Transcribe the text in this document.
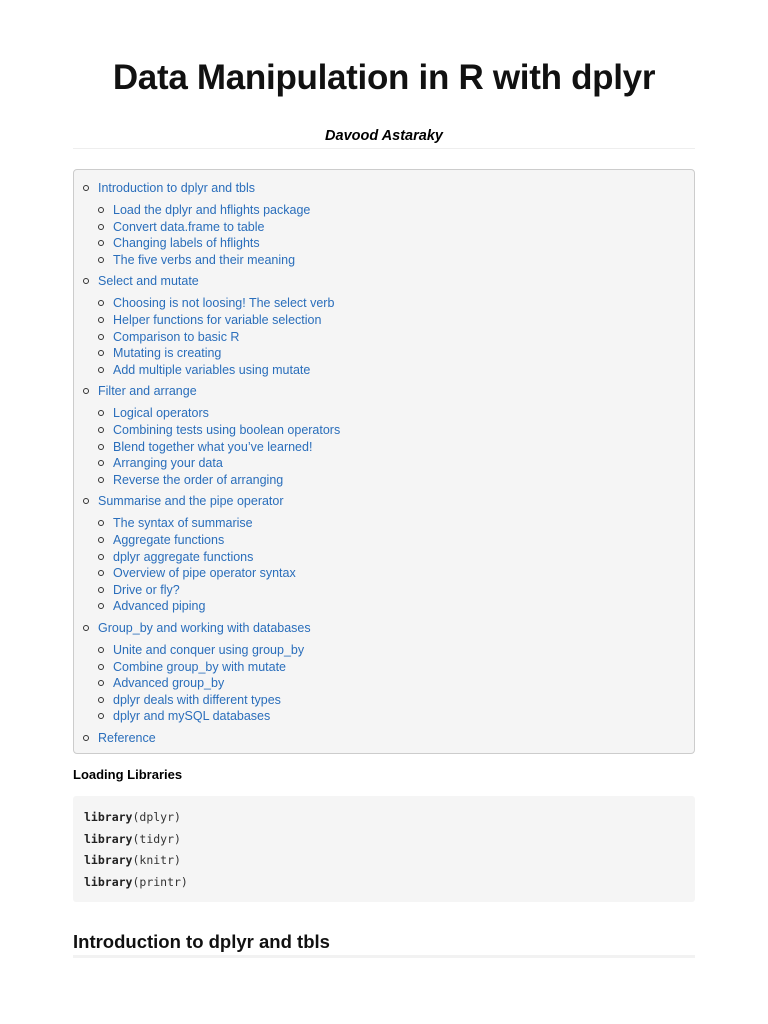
Data Manipulation in R with dplyr
Davood Astaraky
Introduction to dplyr and tbls
Load the dplyr and hflights package
Convert data.frame to table
Changing labels of hflights
The five verbs and their meaning
Select and mutate
Choosing is not loosing! The select verb
Helper functions for variable selection
Comparison to basic R
Mutating is creating
Add multiple variables using mutate
Filter and arrange
Logical operators
Combining tests using boolean operators
Blend together what you’ve learned!
Arranging your data
Reverse the order of arranging
Summarise and the pipe operator
The syntax of summarise
Aggregate functions
dplyr aggregate functions
Overview of pipe operator syntax
Drive or fly?
Advanced piping
Group_by and working with databases
Unite and conquer using group_by
Combine group_by with mutate
Advanced group_by
dplyr deals with different types
dplyr and mySQL databases
Reference
Loading Libraries
library(dplyr)
library(tidyr)
library(knitr)
library(printr)
Introduction to dplyr and tbls
